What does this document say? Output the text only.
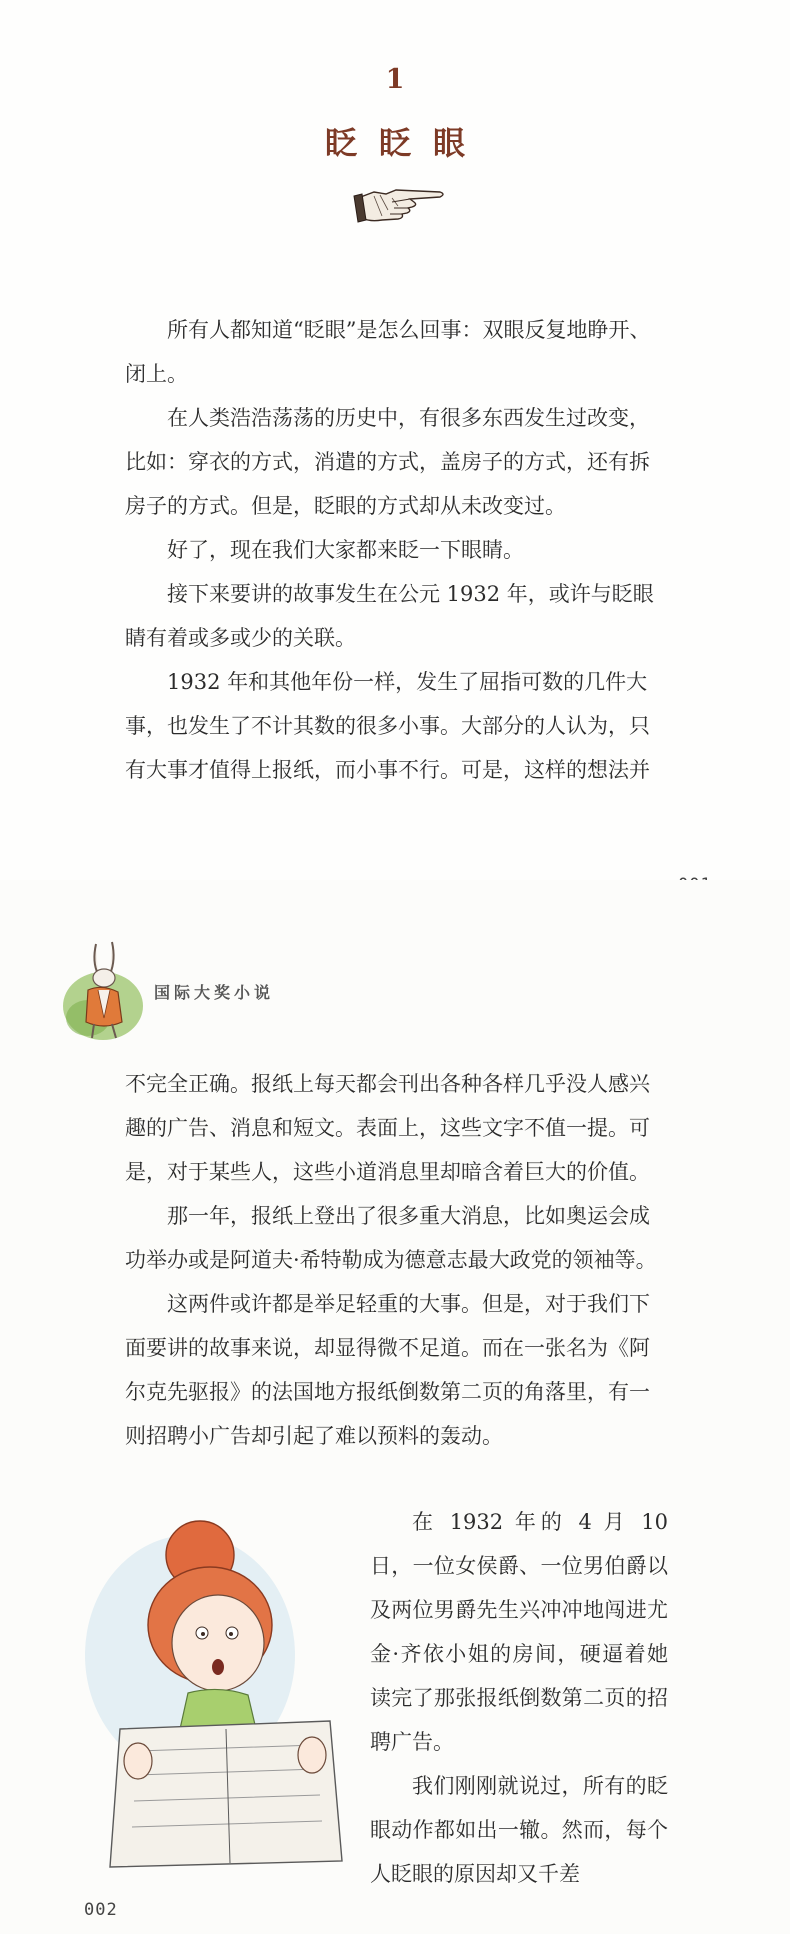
1
眨眨眼

所有人都知道“眨眼”是怎么回事：双眼反复地睁开、闭上。

在人类浩浩荡荡的历史中，有很多东西发生过改变，比如：穿衣的方式，消遣的方式，盖房子的方式，还有拆房子的方式。但是，眨眼的方式却从未改变过。

好了，现在我们大家都来眨一下眼睛。

接下来要讲的故事发生在公元 1932 年，或许与眨眼睛有着或多或少的关联。

1932 年和其他年份一样，发生了屈指可数的几件大事，也发生了不计其数的很多小事。大部分的人认为，只有大事才值得上报纸，而小事不行。可是，这样的想法并

国际大奖小说

不完全正确。报纸上每天都会刊出各种各样几乎没人感兴趣的广告、消息和短文。表面上，这些文字不值一提。可是，对于某些人，这些小道消息里却暗含着巨大的价值。

那一年，报纸上登出了很多重大消息，比如奥运会成功举办或是阿道夫·希特勒成为德意志最大政党的领袖等。

这两件或许都是举足轻重的大事。但是，对于我们下面要讲的故事来说，却显得微不足道。而在一张名为《阿尔克先驱报》的法国地方报纸倒数第二页的角落里，有一则招聘小广告却引起了难以预料的轰动。

在 1932 年的 4 月 10 日，一位女侯爵、一位男伯爵以及两位男爵先生兴冲冲地闯进尤金·齐依小姐的房间，硬逼着她读完了那张报纸倒数第二页的招聘广告。

我们刚刚就说过，所有的眨眼动作都如出一辙。然而，每个人眨眼的原因却又千差

002
